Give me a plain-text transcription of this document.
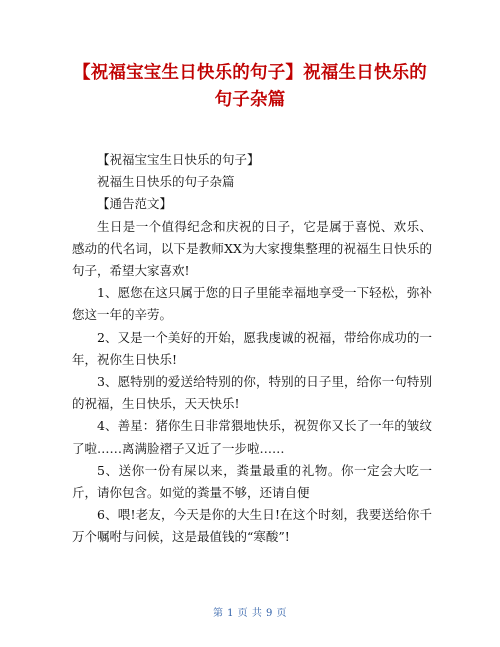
【祝福宝宝生日快乐的句子】祝福生日快乐的
句子杂篇

【祝福宝宝生日快乐的句子】

祝福生日快乐的句子杂篇

【通告范文】

生日是一个值得纪念和庆祝的日子，它是属于喜悦、欢乐、感动的代名词，以下是教师XX为大家搜集整理的祝福生日快乐的句子，希望大家喜欢!

1、愿您在这只属于您的日子里能幸福地享受一下轻松，弥补您这一年的辛劳。

2、又是一个美好的开始，愿我虔诚的祝福，带给你成功的一年，祝你生日快乐!

3、愿特别的爱送给特别的你，特别的日子里，给你一句特别的祝福，生日快乐，天天快乐!

4、善星：猪你生日非常猥地快乐，祝贺你又长了一年的皱纹了啦……离满脸褶子又近了一步啦……

5、送你一份有屎以来，粪量最重的礼物。你一定会大吃一斤，请你包含。如觉的粪量不够，还请自便

6、喂!老友，今天是你的大生日!在这个时刻，我要送给你千万个嘱咐与问候，这是最值钱的“寒酸”!

第 1 页 共 9 页
